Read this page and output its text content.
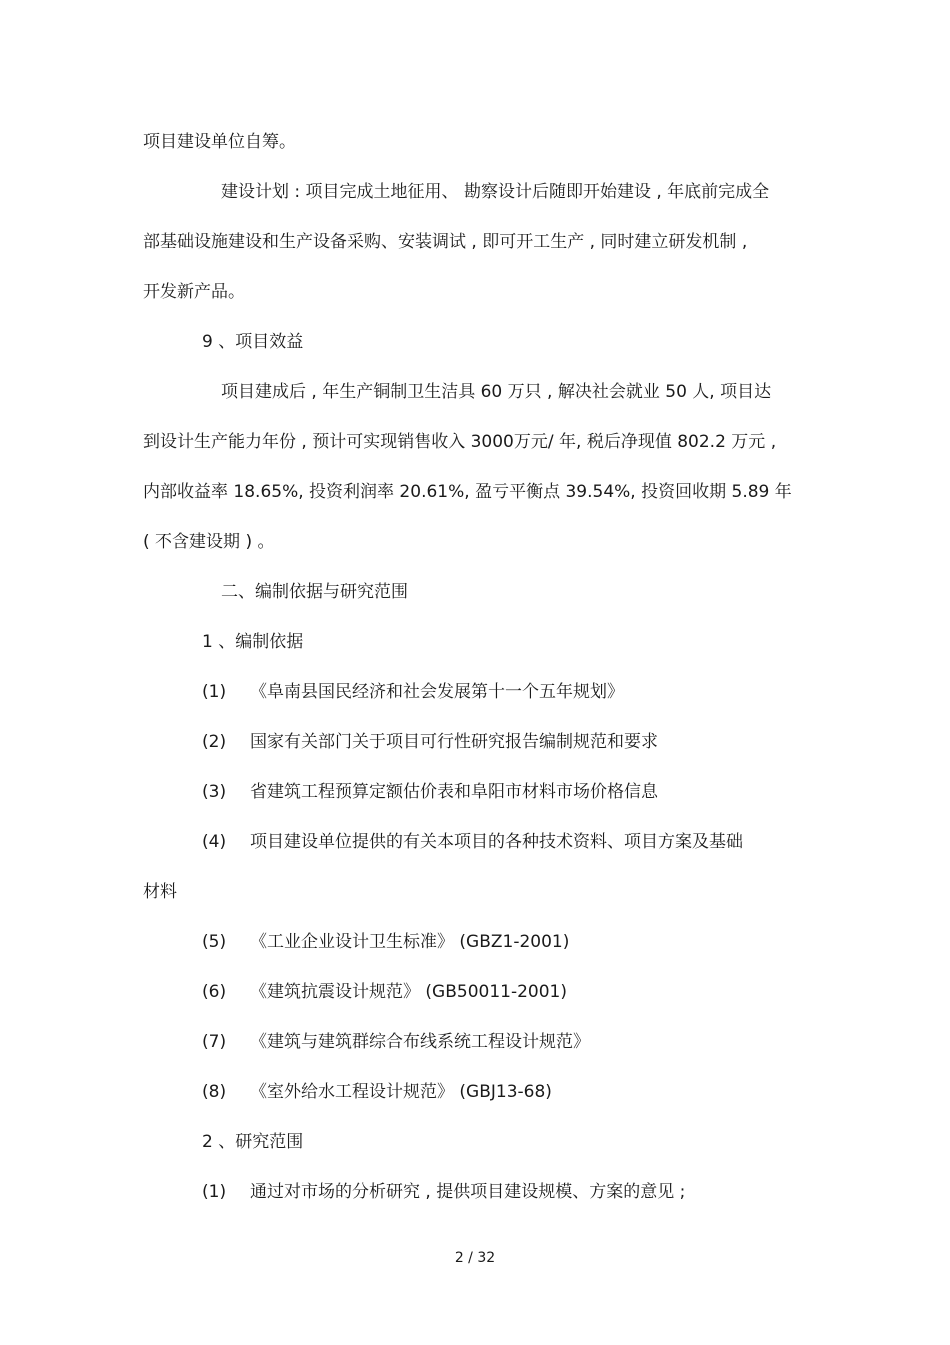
项目建设单位自筹。
建设计划 : 项目完成土地征用、 勘察设计后随即开始建设 , 年底前完成全
部基础设施建设和生产设备采购、安装调试 , 即可开工生产 , 同时建立研发机制 ,
开发新产品。
9 、项目效益
项目建成后 , 年生产铜制卫生洁具 60 万只 , 解决社会就业 50 人, 项目达
到设计生产能力年份 , 预计可实现销售收入 3000万元/ 年, 税后净现值 802.2 万元 ,
内部收益率 18.65%, 投资利润率 20.61%, 盈亏平衡点 39.54%, 投资回收期 5.89 年
( 不含建设期 ) 。
二、编制依据与研究范围
1 、编制依据
(1) 《阜南县国民经济和社会发展第十一个五年规划》
(2) 国家有关部门关于项目可行性研究报告编制规范和要求
(3) 省建筑工程预算定额估价表和阜阳市材料市场价格信息
(4) 项目建设单位提供的有关本项目的各种技术资料、项目方案及基础
材料
(5) 《工业企业设计卫生标准》 (GBZ1-2001)
(6) 《建筑抗震设计规范》 (GB50011-2001)
(7) 《建筑与建筑群综合布线系统工程设计规范》
(8) 《室外给水工程设计规范》 (GBJ13-68)
2 、研究范围
(1) 通过对市场的分析研究 , 提供项目建设规模、方案的意见 ;
2 / 32
